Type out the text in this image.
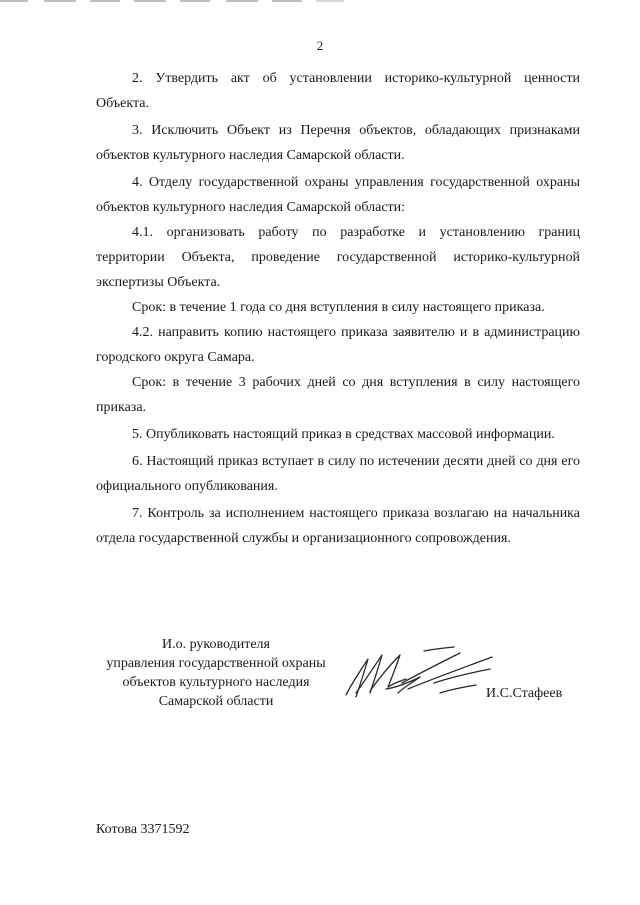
2

2. Утвердить акт об установлении историко-культурной ценности Объекта.

3. Исключить Объект из Перечня объектов, обладающих признаками объектов культурного наследия Самарской области.

4. Отделу государственной охраны управления государственной охраны объектов культурного наследия Самарской области:

4.1. организовать работу по разработке и установлению границ территории Объекта, проведение государственной историко-культурной экспертизы Объекта.

Срок: в течение 1 года со дня вступления в силу настоящего приказа.

4.2. направить копию настоящего приказа заявителю и в администрацию городского округа Самара.

Срок: в течение 3 рабочих дней со дня вступления в силу настоящего приказа.

5. Опубликовать настоящий приказ в средствах массовой информации.

6. Настоящий приказ вступает в силу по истечении десяти дней со дня его официального опубликования.

7. Контроль за исполнением настоящего приказа возлагаю на начальника отдела государственной службы и организационного сопровождения.

И.о. руководителя
управления государственной охраны
объектов культурного наследия
Самарской области
И.С.Стафеев
Котова 3371592
